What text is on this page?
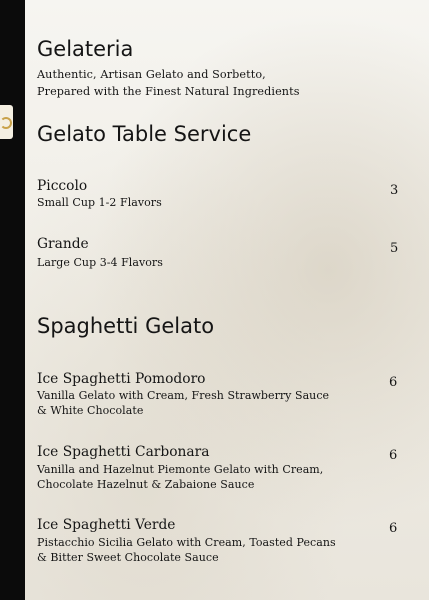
Gelateria
Authentic, Artisan Gelato and Sorbetto,
Prepared with the Finest Natural Ingredients
Gelato Table Service
Piccolo
Small Cup 1-2 Flavors
3
Grande
Large Cup 3-4 Flavors
5
Spaghetti Gelato
Ice Spaghetti Pomodoro
Vanilla Gelato with Cream, Fresh Strawberry Sauce
& White Chocolate
6
Ice Spaghetti Carbonara
Vanilla and Hazelnut Piemonte Gelato with Cream,
Chocolate Hazelnut & Zabaione Sauce
6
Ice Spaghetti Verde
Pistacchio Sicilia Gelato with Cream, Toasted Pecans
& Bitter Sweet Chocolate Sauce
6
